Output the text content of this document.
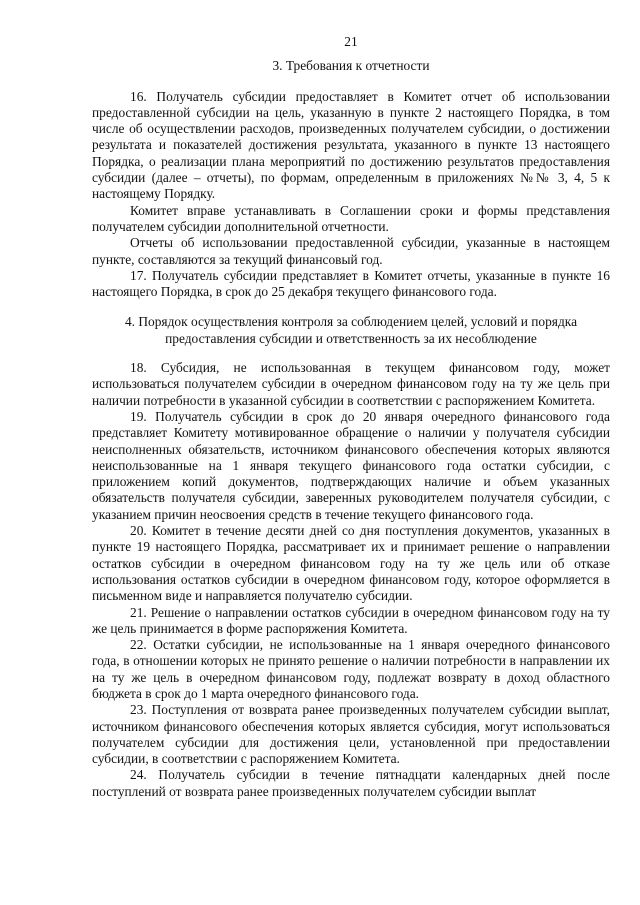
21
3. Требования к отчетности

16. Получатель субсидии предоставляет в Комитет отчет об использовании предоставленной субсидии на цель, указанную в пункте 2 настоящего Порядка, в том числе об осуществлении расходов, произведенных получателем субсидии, о достижении результата и показателей достижения результата, указанного в пункте 13 настоящего Порядка, о реализации плана мероприятий по достижению результатов предоставления субсидии (далее – отчеты), по формам, определенным в приложениях №№ 3, 4, 5 к настоящему Порядку.

Комитет вправе устанавливать в Соглашении сроки и формы представления получателем субсидии дополнительной отчетности.

Отчеты об использовании предоставленной субсидии, указанные в настоящем пункте, составляются за текущий финансовый год.

17. Получатель субсидии представляет в Комитет отчеты, указанные в пункте 16 настоящего Порядка, в срок до 25 декабря текущего финансового года.

4. Порядок осуществления контроля за соблюдением целей, условий и порядка предоставления субсидии и ответственность за их несоблюдение

18. Субсидия, не использованная в текущем финансовом году, может использоваться получателем субсидии в очередном финансовом году на ту же цель при наличии потребности в указанной субсидии в соответствии с распоряжением Комитета.

19. Получатель субсидии в срок до 20 января очередного финансового года представляет Комитету мотивированное обращение о наличии у получателя субсидии неисполненных обязательств, источником финансового обеспечения которых являются неиспользованные на 1 января текущего финансового года остатки субсидии, с приложением копий документов, подтверждающих наличие и объем указанных обязательств получателя субсидии, заверенных руководителем получателя субсидии, с указанием причин неосвоения средств в течение текущего финансового года.

20. Комитет в течение десяти дней со дня поступления документов, указанных в пункте 19 настоящего Порядка, рассматривает их и принимает решение о направлении остатков субсидии в очередном финансовом году на ту же цель или об отказе использования остатков субсидии в очередном финансовом году, которое оформляется в письменном виде и направляется получателю субсидии.

21. Решение о направлении остатков субсидии в очередном финансовом году на ту же цель принимается в форме распоряжения Комитета.

22. Остатки субсидии, не использованные на 1 января очередного финансового года, в отношении которых не принято решение о наличии потребности в направлении их на ту же цель в очередном финансовом году, подлежат возврату в доход областного бюджета в срок до 1 марта очередного финансового года.

23. Поступления от возврата ранее произведенных получателем субсидии выплат, источником финансового обеспечения которых является субсидия, могут использоваться получателем субсидии для достижения цели, установленной при предоставлении субсидии, в соответствии с распоряжением Комитета.

24. Получатель субсидии в течение пятнадцати календарных дней после поступлений от возврата ранее произведенных получателем субсидии выплат
